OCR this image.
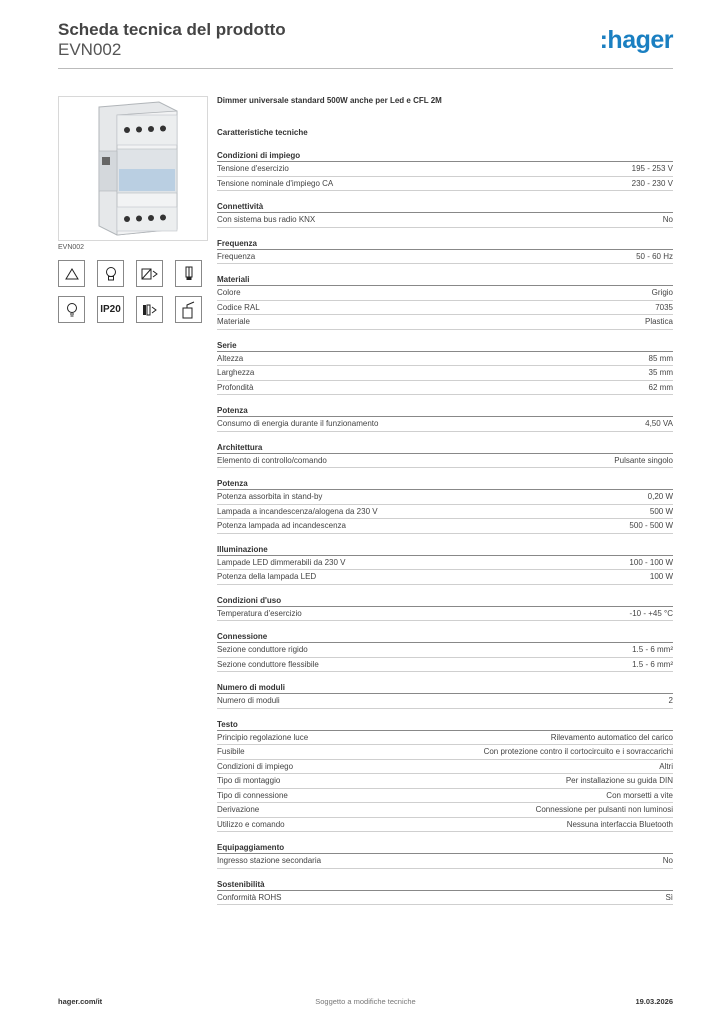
Scheda tecnica del prodotto
EVN002	:hager
EVN002
IP20
Dimmer universale standard 500W anche per Led e CFL 2M
Caratteristiche tecniche
Condizioni di impiego
Tensione d'esercizio	195 - 253 V
Tensione nominale d'impiego CA	230 - 230 V
Connettività
Con sistema bus radio KNX	No
Frequenza
Frequenza	50 - 60 Hz
Materiali
Colore	Grigio
Codice RAL	7035
Materiale	Plastica
Serie
Altezza	85 mm
Larghezza	35 mm
Profondità	62 mm
Potenza
Consumo di energia durante il funzionamento	4,50 VA
Architettura
Elemento di controllo/comando	Pulsante singolo
Potenza
Potenza assorbita in stand-by	0,20 W
Lampada a incandescenza/alogena da 230 V	500 W
Potenza lampada ad incandescenza	500 - 500 W
Illuminazione
Lampade LED dimmerabili da 230 V	100 - 100 W
Potenza della lampada LED	100 W
Condizioni d'uso
Temperatura d'esercizio	-10 - +45 °C
Connessione
Sezione conduttore rigido	1.5 - 6 mm²
Sezione conduttore flessibile	1.5 - 6 mm²
Numero di moduli
Numero di moduli	2
Testo
Principio regolazione luce	Rilevamento automatico del carico
Fusibile	Con protezione contro il cortocircuito e i sovraccarichi
Condizioni di impiego	Altri
Tipo di montaggio	Per installazione su guida DIN
Tipo di connessione	Con morsetti a vite
Derivazione	Connessione per pulsanti non luminosi
Utilizzo e comando	Nessuna interfaccia Bluetooth
Equipaggiamento
Ingresso stazione secondaria	No
Sostenibilità
Conformità ROHS	Sì
hager.com/it	Soggetto a modifiche tecniche	19.03.2026
